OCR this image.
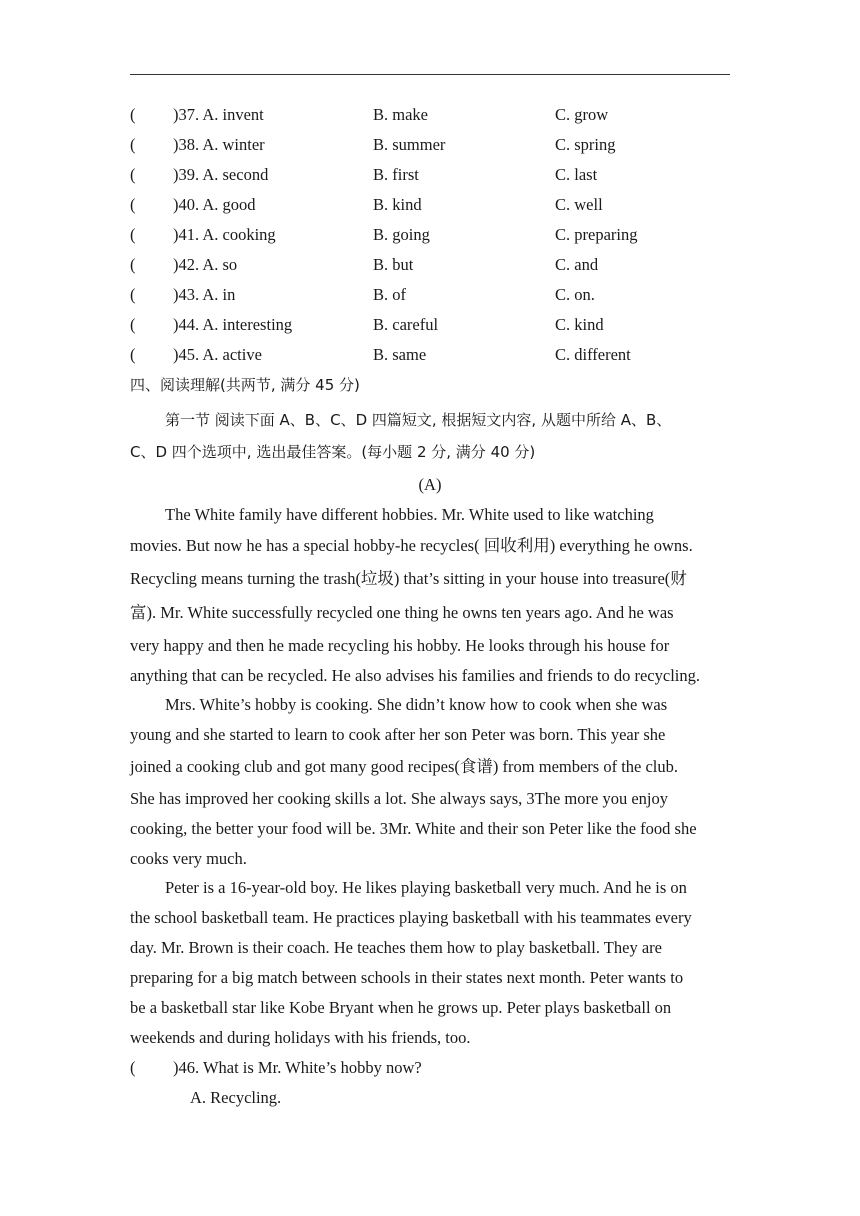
( )37. A. invent	B. make	C. grow
( )38. A. winter	B. summer	C. spring
( )39. A. second	B. first	C. last
( )40. A. good	B. kind	C. well
( )41. A. cooking	B. going	C. preparing
( )42. A. so	B. but	C. and
( )43. A. in	B. of	C. on.
( )44. A. interesting	B. careful	C. kind
( )45. A. active	B. same	C. different
四、阅读理解(共两节, 满分 45 分)
第一节 阅读下面 A、B、C、D 四篇短文, 根据短文内容, 从题中所给 A、B、
C、D 四个选项中, 选出最佳答案。(每小题 2 分, 满分 40 分)
(A)
The White family have different hobbies. Mr. White used to like watching
movies. But now he has a special hobby-he recycles( 回收利用) everything he owns.
Recycling means turning the trash(垃圾) that’s sitting in your house into treasure(财
富). Mr. White successfully recycled one thing he owns ten years ago. And he was
very happy and then he made recycling his hobby. He looks through his house for
anything that can be recycled. He also advises his families and friends to do recycling.
Mrs. White’s hobby is cooking. She didn’t know how to cook when she was
young and she started to learn to cook after her son Peter was born. This year she
joined a cooking club and got many good recipes(食谱) from members of the club.
She has improved her cooking skills a lot. She always says, 3The more you enjoy
cooking, the better your food will be. 3Mr. White and their son Peter like the food she
cooks very much.
Peter is a 16-year-old boy. He likes playing basketball very much. And he is on
the school basketball team. He practices playing basketball with his teammates every
day. Mr. Brown is their coach. He teaches them how to play basketball. They are
preparing for a big match between schools in their states next month. Peter wants to
be a basketball star like Kobe Bryant when he grows up. Peter plays basketball on
weekends and during holidays with his friends, too.
( )46. What is Mr. White’s hobby now?
A. Recycling.
